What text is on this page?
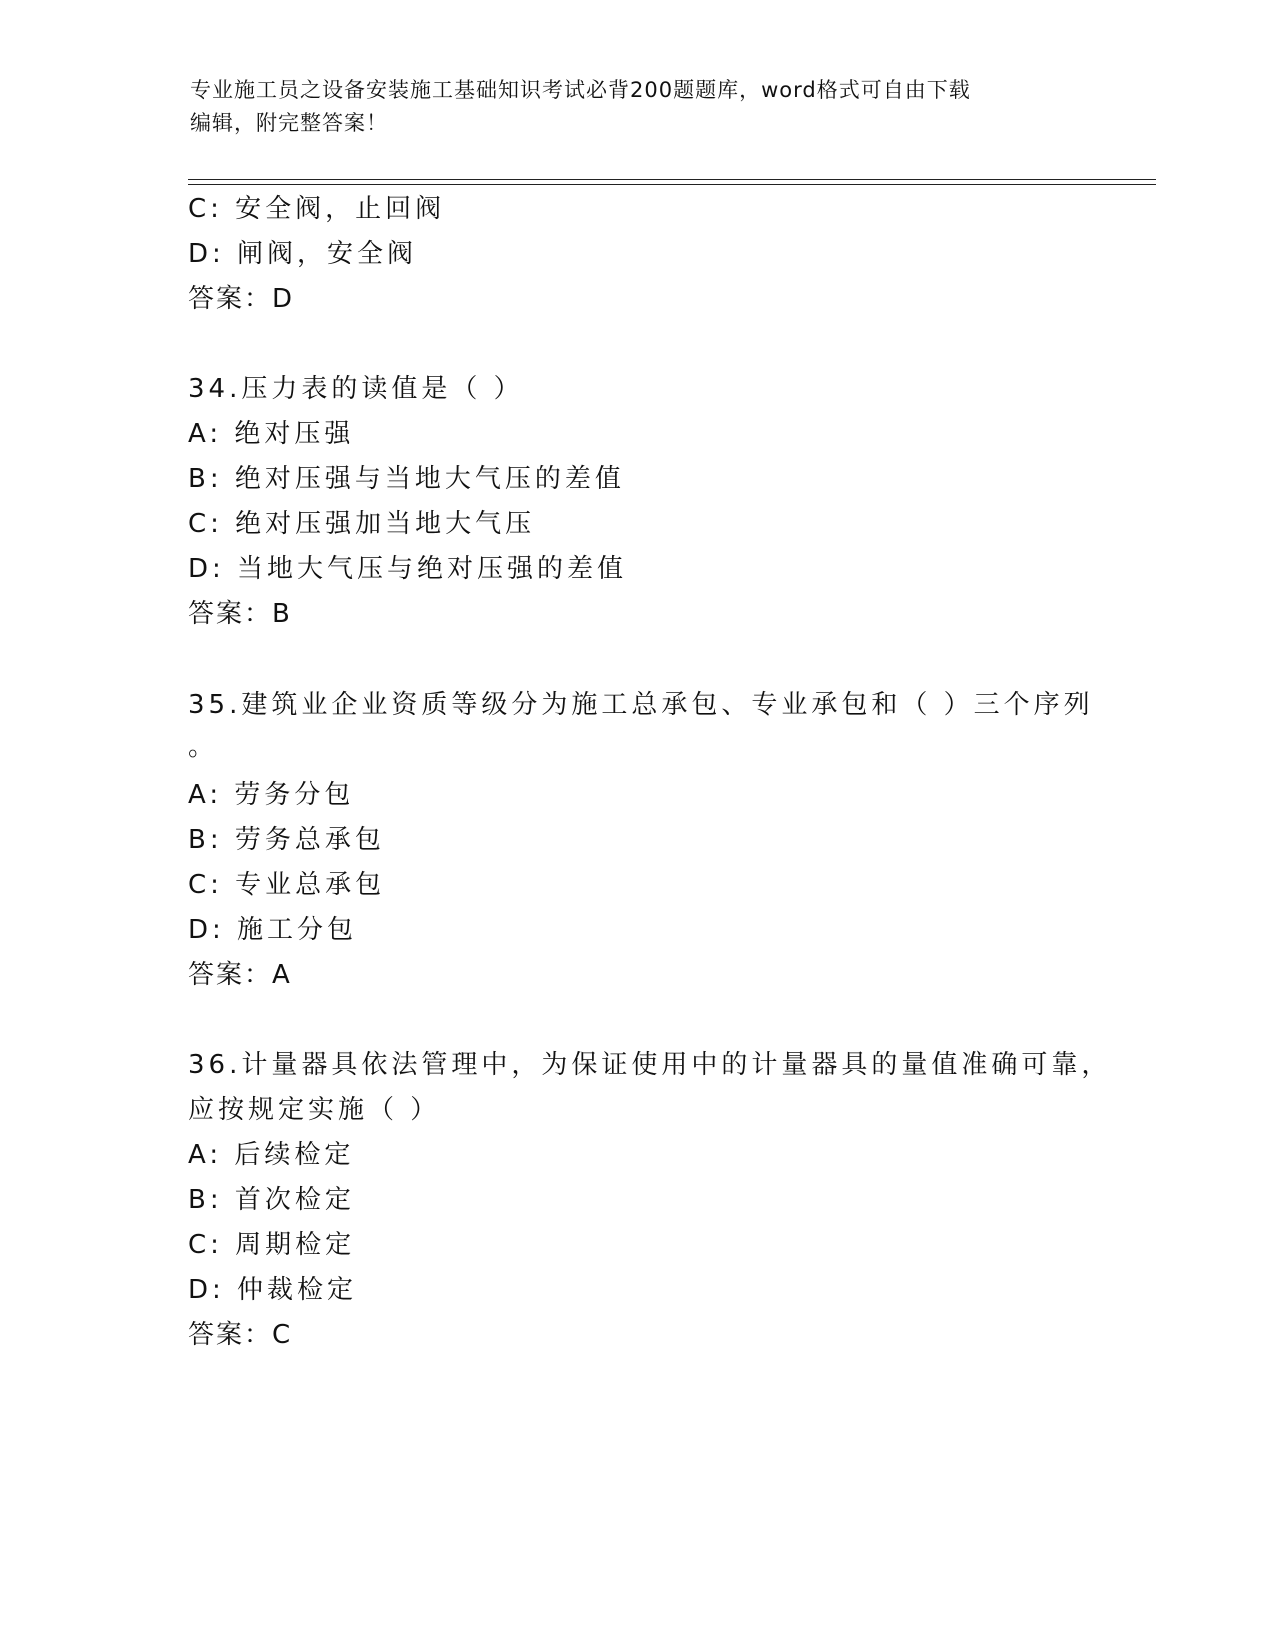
专业施工员之设备安装施工基础知识考试必背200题题库，word格式可自由下载
编辑，附完整答案！
C: 安全阀，止回阀
D: 闸阀，安全阀
答案：D
34.压力表的读值是（ ）
A: 绝对压强
B: 绝对压强与当地大气压的差值
C: 绝对压强加当地大气压
D: 当地大气压与绝对压强的差值
答案：B
35.建筑业企业资质等级分为施工总承包、专业承包和（ ）三个序列
。
A: 劳务分包
B: 劳务总承包
C: 专业总承包
D: 施工分包
答案：A
36.计量器具依法管理中，为保证使用中的计量器具的量值准确可靠，
应按规定实施（ ）
A: 后续检定
B: 首次检定
C: 周期检定
D: 仲裁检定
答案：C
